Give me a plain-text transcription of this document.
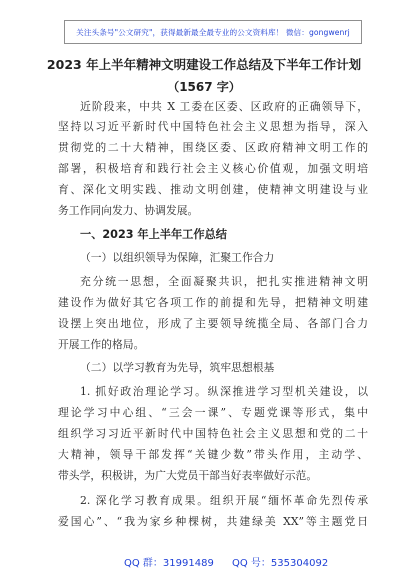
关注头条号"公文研究"，获得最新最全最专业的公文资料库！ 微信：gongwenrj
2023 年上半年精神文明建设工作总结及下半年工作计划
（1567 字）
近阶段来，中共 X 工委在区委、区政府的正确领导下，
坚持以习近平新时代中国特色社会主义思想为指导，深入
贯彻党的二十大精神，围绕区委、区政府精神文明工作的
部署，积极培育和践行社会主义核心价值观，加强文明培
育、深化文明实践、推动文明创建，使精神文明建设与业
务工作同向发力、协调发展。
一、2023 年上半年工作总结
（一）以组织领导为保障，汇聚工作合力
充分统一思想，全面凝聚共识，把扎实推进精神文明
建设作为做好其它各项工作的前提和先导，把精神文明建
设摆上突出地位，形成了主要领导统揽全局、各部门合力
开展工作的格局。
（二）以学习教育为先导，筑牢思想根基
1. 抓好政治理论学习。纵深推进学习型机关建设，以
理论学习中心组、“三会一课”、专题党课等形式，集中
组织学习习近平新时代中国特色社会主义思想和党的二十
大精神，领导干部发挥“关键少数”带头作用，主动学、
带头学，积极讲，为广大党员干部当好表率做好示范。
2. 深化学习教育成果。组织开展“缅怀革命先烈传承
爱国心”、“我为家乡种棵树，共建绿美 XX”等主题党日
QQ 群：31991489 QQ 号：535304092
